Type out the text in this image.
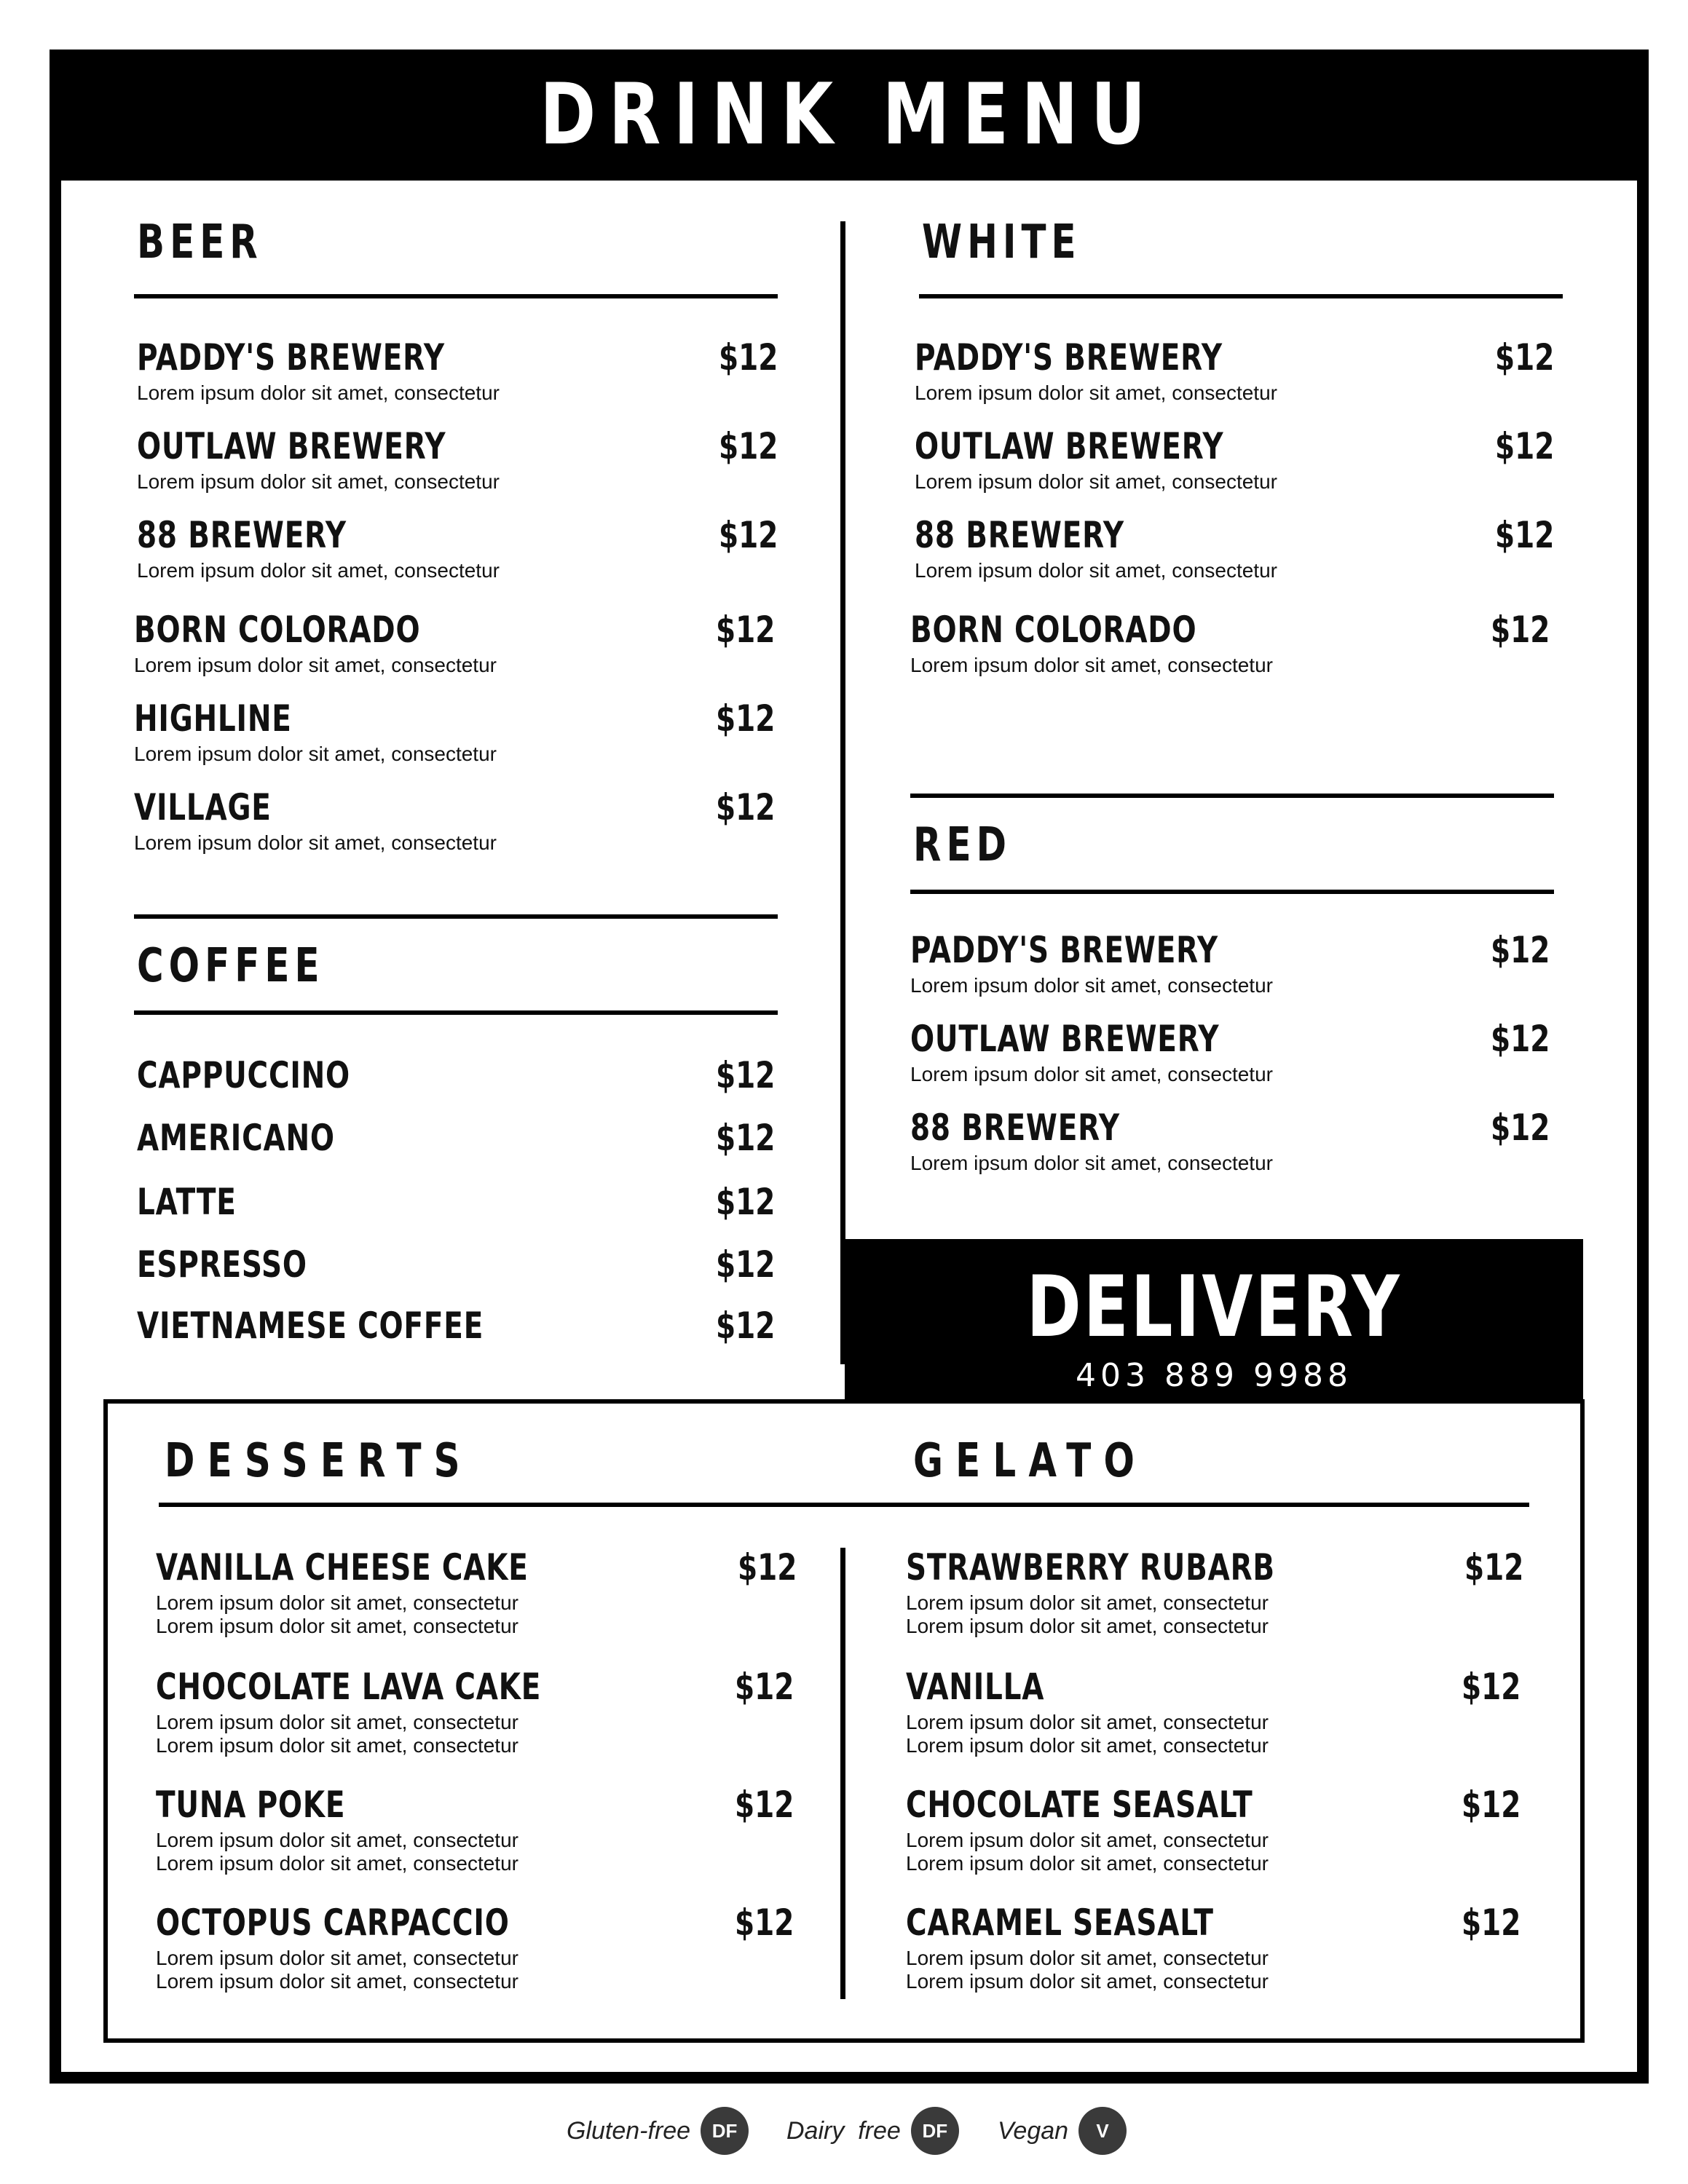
DRINK MENU
BEER
PADDY'S BREWERY	$12
Lorem ipsum dolor sit amet, consectetur
OUTLAW BREWERY	$12
Lorem ipsum dolor sit amet, consectetur
88 BREWERY	$12
Lorem ipsum dolor sit amet, consectetur
BORN COLORADO	$12
Lorem ipsum dolor sit amet, consectetur
HIGHLINE	$12
Lorem ipsum dolor sit amet, consectetur
VILLAGE	$12
Lorem ipsum dolor sit amet, consectetur
COFFEE
CAPPUCCINO	$12
AMERICANO	$12
LATTE	$12
ESPRESSO	$12
VIETNAMESE COFFEE	$12
WHITE
PADDY'S BREWERY	$12
Lorem ipsum dolor sit amet, consectetur
OUTLAW BREWERY	$12
Lorem ipsum dolor sit amet, consectetur
88 BREWERY	$12
Lorem ipsum dolor sit amet, consectetur
BORN COLORADO	$12
Lorem ipsum dolor sit amet, consectetur
RED
PADDY'S BREWERY	$12
Lorem ipsum dolor sit amet, consectetur
OUTLAW BREWERY	$12
Lorem ipsum dolor sit amet, consectetur
88 BREWERY	$12
Lorem ipsum dolor sit amet, consectetur
DELIVERY
403 889 9988
DESSERTS	GELATO
VANILLA CHEESE CAKE	$12
Lorem ipsum dolor sit amet, consectetur
Lorem ipsum dolor sit amet, consectetur
CHOCOLATE LAVA CAKE	$12
Lorem ipsum dolor sit amet, consectetur
Lorem ipsum dolor sit amet, consectetur
TUNA POKE	$12
Lorem ipsum dolor sit amet, consectetur
Lorem ipsum dolor sit amet, consectetur
OCTOPUS CARPACCIO	$12
Lorem ipsum dolor sit amet, consectetur
Lorem ipsum dolor sit amet, consectetur
STRAWBERRY RUBARB	$12
Lorem ipsum dolor sit amet, consectetur
Lorem ipsum dolor sit amet, consectetur
VANILLA	$12
Lorem ipsum dolor sit amet, consectetur
Lorem ipsum dolor sit amet, consectetur
CHOCOLATE SEASALT	$12
Lorem ipsum dolor sit amet, consectetur
Lorem ipsum dolor sit amet, consectetur
CARAMEL SEASALT	$12
Lorem ipsum dolor sit amet, consectetur
Lorem ipsum dolor sit amet, consectetur
Gluten-free	DF	Dairy  free	DF	Vegan	V
